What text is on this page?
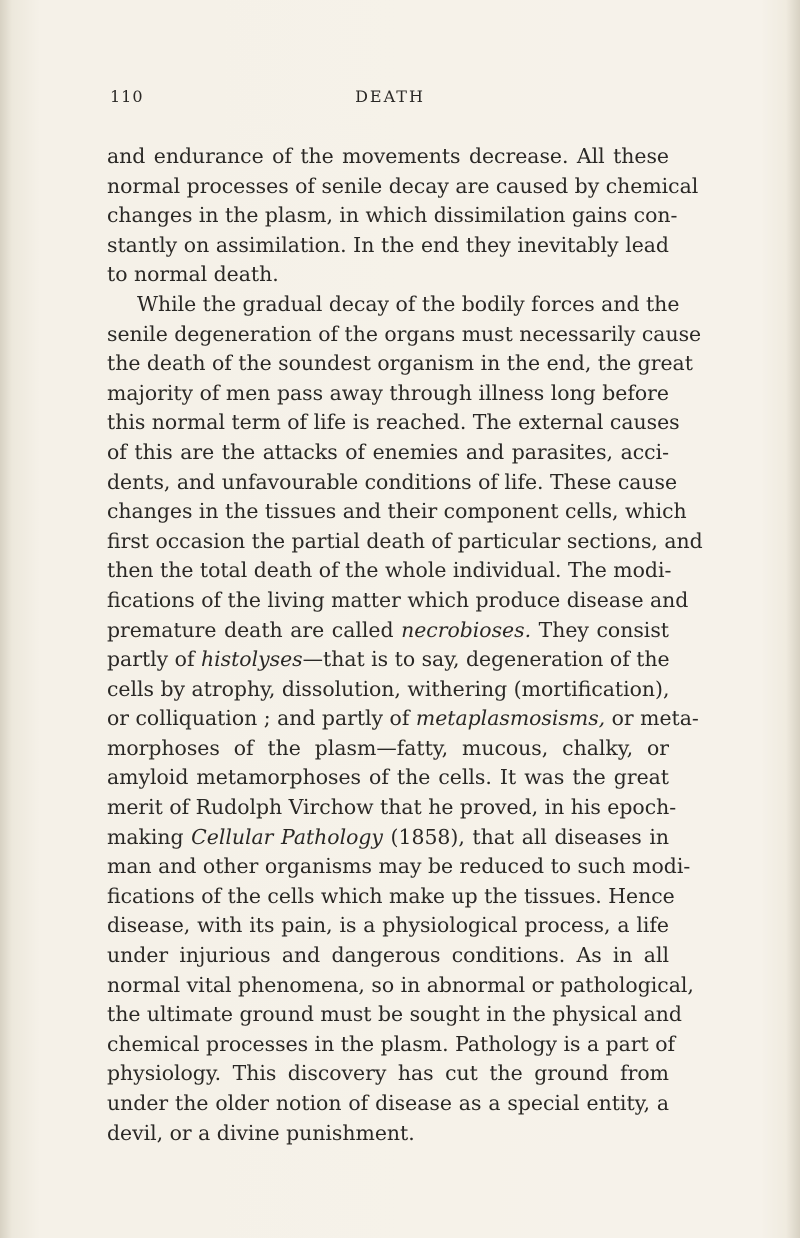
110	DEATH
and endurance of the movements decrease. All these
normal processes of senile decay are caused by chemical
changes in the plasm, in which dissimilation gains con-
stantly on assimilation. In the end they inevitably lead
to normal death.
While the gradual decay of the bodily forces and the
senile degeneration of the organs must necessarily cause
the death of the soundest organism in the end, the great
majority of men pass away through illness long before
this normal term of life is reached. The external causes
of this are the attacks of enemies and parasites, acci-
dents, and unfavourable conditions of life. These cause
changes in the tissues and their component cells, which
first occasion the partial death of particular sections, and
then the total death of the whole individual. The modi-
fications of the living matter which produce disease and
premature death are called necrobioses. They consist
partly of histolyses—that is to say, degeneration of the
cells by atrophy, dissolution, withering (mortification),
or colliquation ; and partly of metaplasmosisms, or meta-
morphoses of the plasm—fatty, mucous, chalky, or
amyloid metamorphoses of the cells. It was the great
merit of Rudolph Virchow that he proved, in his epoch-
making Cellular Pathology (1858), that all diseases in
man and other organisms may be reduced to such modi-
fications of the cells which make up the tissues. Hence
disease, with its pain, is a physiological process, a life
under injurious and dangerous conditions. As in all
normal vital phenomena, so in abnormal or pathological,
the ultimate ground must be sought in the physical and
chemical processes in the plasm. Pathology is a part of
physiology. This discovery has cut the ground from
under the older notion of disease as a special entity, a
devil, or a divine punishment.
